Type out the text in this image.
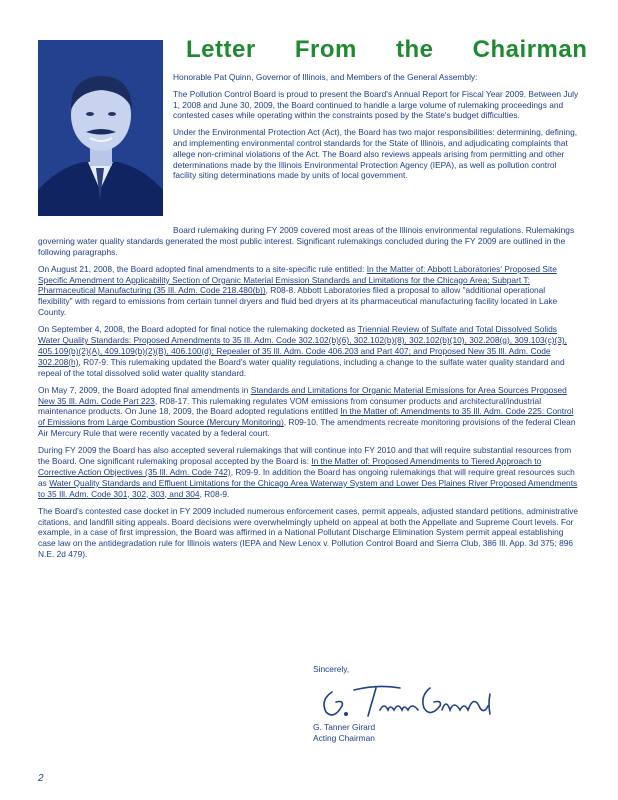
Letter From the Chairman

Honorable Pat Quinn, Governor of Illinois, and Members of the General Assembly:

The Pollution Control Board is proud to present the Board's Annual Report for Fiscal Year 2009. Between July 1, 2008 and June 30, 2009, the Board continued to handle a large volume of rulemaking proceedings and contested cases while operating within the constraints posed by the State's budget difficulties.

Under the Environmental Protection Act (Act), the Board has two major responsibilities: determining, defining, and implementing environmental control standards for the State of Illinois, and adjudicating complaints that allege non-criminal violations of the Act. The Board also reviews appeals arising from permitting and other determinations made by the Illinois Environmental Protection Agency (IEPA), as well as pollution control facility siting determinations made by units of local government.

Board rulemaking during FY 2009 covered most areas of the Illinois environmental regulations. Rulemakings governing water quality standards generated the most public interest. Significant rulemakings concluded during the FY 2009 are outlined in the following paragraphs.

On August 21, 2008, the Board adopted final amendments to a site-specific rule entitled: In the Matter of: Abbott Laboratories' Proposed Site Specific Amendment to Applicability Section of Organic Material Emission Standards and Limitations for the Chicago Area; Subpart T: Pharmaceutical Manufacturing (35 Ill. Adm. Code 218.480(b)), R08-8. Abbott Laboratories filed a proposal to allow "additional operational flexibility" with regard to emissions from certain tunnel dryers and fluid bed dryers at its pharmaceutical manufacturing facility located in Lake County.

On September 4, 2008, the Board adopted for final notice the rulemaking docketed as Triennial Review of Sulfate and Total Dissolved Solids Water Quality Standards: Proposed Amendments to 35 Ill. Adm. Code 302.102(b)(6), 302.102(b)(8), 302.102(b)(10), 302.208(g), 309.103(c)(3), 405.109(b)(2)(A), 409.109(b)(2)(B), 406.100(d); Repealer of 35 Ill. Adm. Code 406.203 and Part 407; and Proposed New 35 Ill. Adm. Code 302.208(h), R07-9. This rulemaking updated the Board's water quality regulations, including a change to the sulfate water quality standard and repeal of the total dissolved solid water quality standard.

On May 7, 2009, the Board adopted final amendments in Standards and Limitations for Organic Material Emissions for Area Sources Proposed New 35 Ill. Adm. Code Part 223, R08-17. This rulemaking regulates VOM emissions from consumer products and architectural/industrial maintenance products. On June 18, 2009, the Board adopted regulations entitled In the Matter of: Amendments to 35 Ill. Adm. Code 225: Control of Emissions from Large Combustion Source (Mercury Monitoring), R09-10. The amendments recreate monitoring provisions of the federal Clean Air Mercury Rule that were recently vacated by a federal court.

During FY 2009 the Board has also accepted several rulemakings that will continue into FY 2010 and that will require substantial resources from the Board. One significant rulemaking proposal accepted by the Board is: In the Matter of: Proposed Amendments to Tiered Approach to Corrective Action Objectives (35 Ill. Adm. Code 742), R09-9. In addition the Board has ongoing rulemakings that will require great resources such as Water Quality Standards and Effluent Limitations for the Chicago Area Waterway System and Lower Des Plaines River Proposed Amendments to 35 Ill. Adm. Code 301, 302, 303, and 304, R08-9.

The Board's contested case docket in FY 2009 included numerous enforcement cases, permit appeals, adjusted standard petitions, administrative citations, and landfill siting appeals. Board decisions were overwhelmingly upheld on appeal at both the Appellate and Supreme Court levels. For example, in a case of first impression, the Board was affirmed in a National Pollutant Discharge Elimination System permit appeal establishing case law on the antidegradation rule for Illinois waters (IEPA and New Lenox v. Pollution Control Board and Sierra Club, 386 Ill. App. 3d 375; 896 N.E. 2d 479).

Sincerely,
G. Tanner Girard
Acting Chairman
2
